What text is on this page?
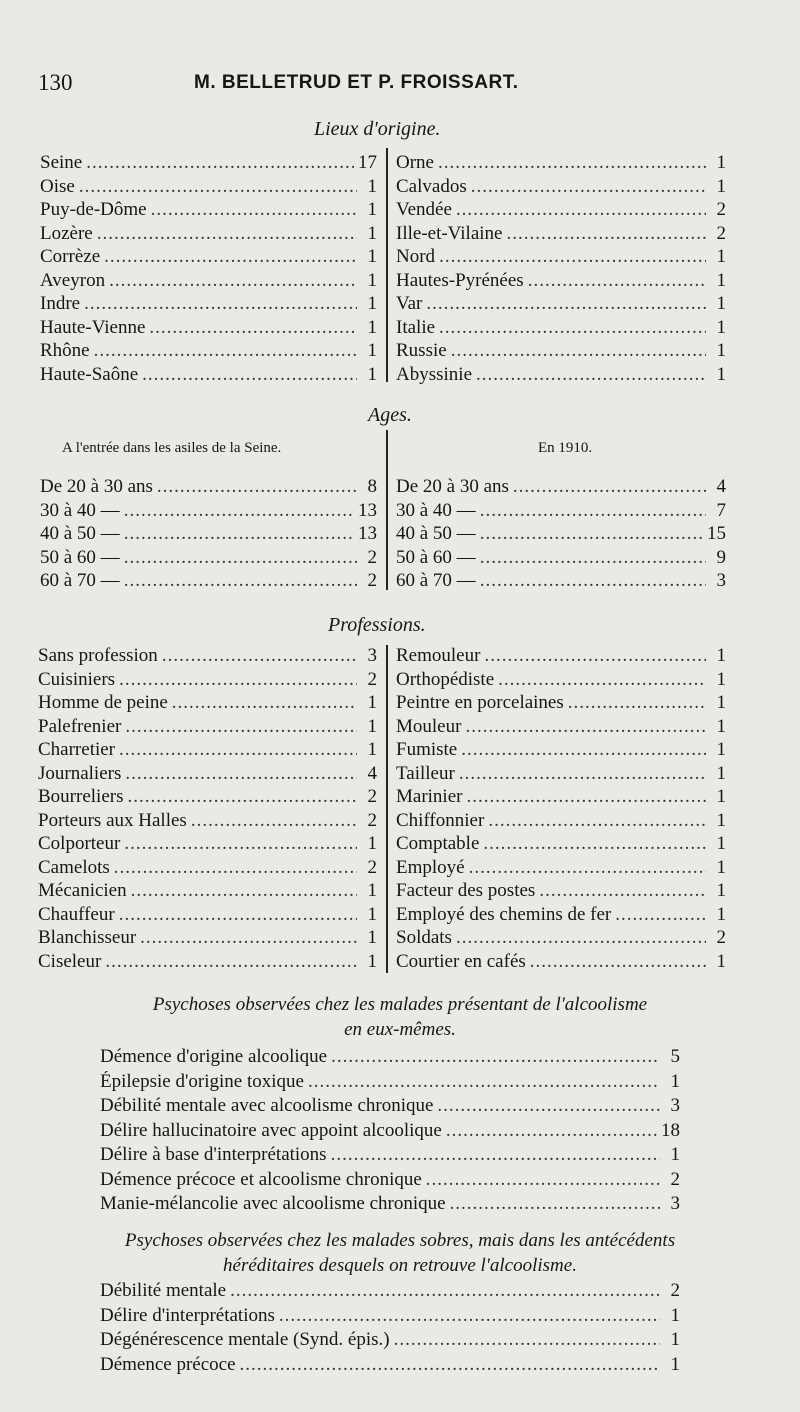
130	M. BELLETRUD ET P. FROISSART.
Lieux d'origine.
Seine .....	17
Oise .....	1
Puy-de-Dôme .....	1
Lozère .....	1
Corrèze .....	1
Aveyron .....	1
Indre .....	1
Haute-Vienne .....	1
Rhône .....	1
Haute-Saône .....	1
Orne .....	1
Calvados .....	1
Vendée .....	2
Ille-et-Vilaine .....	2
Nord .....	1
Hautes-Pyrénées .....	1
Var .....	1
Italie .....	1
Russie .....	1
Abyssinie .....	1
Ages.
A l'entrée dans les asiles de la Seine.	En 1910.
De 20 à 30 ans .....	8
30 à 40 — .....	13
40 à 50 — .....	13
50 à 60 — .....	2
60 à 70 — .....	2
De 20 à 30 ans .....	4
30 à 40 — .....	7
40 à 50 — .....	15
50 à 60 — .....	9
60 à 70 — .....	3
Professions.
Sans profession .....	3
Cuisiniers .....	2
Homme de peine .....	1
Palefrenier .....	1
Charretier .....	1
Journaliers .....	4
Bourreliers .....	2
Porteurs aux Halles .....	2
Colporteur .....	1
Camelots .....	2
Mécanicien .....	1
Chauffeur .....	1
Blanchisseur .....	1
Ciseleur .....	1
Remouleur .....	1
Orthopédiste .....	1
Peintre en porcelaines .....	1
Mouleur .....	1
Fumiste .....	1
Tailleur .....	1
Marinier .....	1
Chiffonnier .....	1
Comptable .....	1
Employé .....	1
Facteur des postes .....	1
Employé des chemins de fer .....	1
Soldats .....	2
Courtier en cafés .....	1
Psychoses observées chez les malades présentant de l'alcoolisme
en eux-mêmes.
Démence d'origine alcoolique .....	5
Épilepsie d'origine toxique .....	1
Débilité mentale avec alcoolisme chronique .....	3
Délire hallucinatoire avec appoint alcoolique .....	18
Délire à base d'interprétations .....	1
Démence précoce et alcoolisme chronique .....	2
Manie-mélancolie avec alcoolisme chronique .....	3
Psychoses observées chez les malades sobres, mais dans les antécédents
héréditaires desquels on retrouve l'alcoolisme.
Débilité mentale .....	2
Délire d'interprétations .....	1
Dégénérescence mentale (Synd. épis.) .....	1
Démence précoce .....	1
